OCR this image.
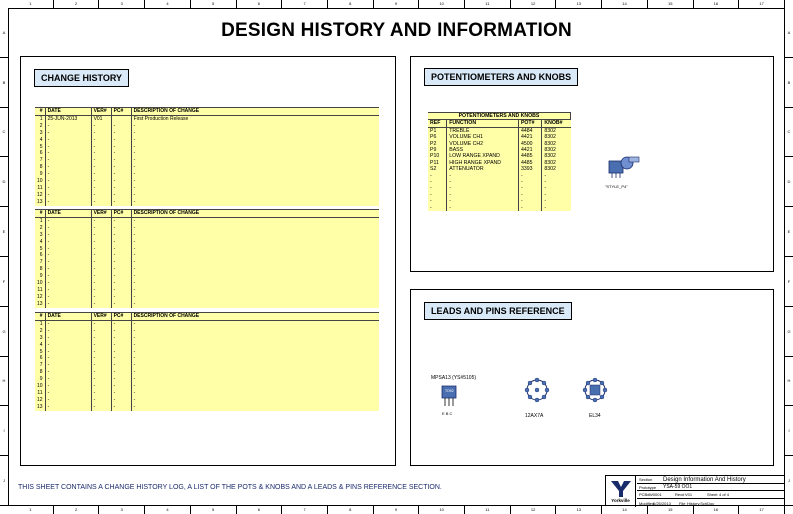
1	2	3	4	5	6	7	8	9	10	11	12	13	14	15	16	17
1	2	3	4	5	6	7	8	9	10	11	12	13	14	15	16	17
A
B
C
D
E
F
G
H
I
J
A
B
C
D
E
F
G
H
I
J
DESIGN HISTORY AND INFORMATION
CHANGE HISTORY
#	DATE	VER#	PC#	DESCRIPTION OF CHANGE
1	25-JUN-2013	V01		First Production Release
2	-	-	-	-
3	-	-	-	-
4	-	-	-	-
5	-	-	-	-
6	-	-	-	-
7	-	-	-	-
8	-	-	-	-
9	-	-	-	-
10	-	-	-	-
11	-	-	-	-
12	-	-	-	-
13	-	-	-	-
#	DATE	VER#	PC#	DESCRIPTION OF CHANGE
1	-	-	-	-
2	-	-	-	-
3	-	-	-	-
4	-	-	-	-
5	-	-	-	-
6	-	-	-	-
7	-	-	-	-
8	-	-	-	-
9	-	-	-	-
10	-	-	-	-
11	-	-	-	-
12	-	-	-	-
13	-	-	-	-
#	DATE	VER#	PC#	DESCRIPTION OF CHANGE
1	-	-	-	-
2	-	-	-	-
3	-	-	-	-
4	-	-	-	-
5	-	-	-	-
6	-	-	-	-
7	-	-	-	-
8	-	-	-	-
9	-	-	-	-
10	-	-	-	-
11	-	-	-	-
12	-	-	-	-
13	-	-	-	-
POTENTIOMETERS AND KNOBS
POTENTIOMETERS AND KNOBS			
REF	FUNCTION	POT#	KNOB#
P1	TREBLE	4484	8302
P6	VOLUME CH1	4421	8302
P2	VOLUME CH2	4500	8302
P9	BASS	4421	8302
P10	LOW RANGE XPAND	4485	8302
P11	HIGH RANGE XPAND	4485	8302
S2	ATTENUATOR	3393	8302
-	-	-	-
-	-	-	-
-	-	-	-
-	-	-	-
-	-	-	-
-	-	-	-
"STYLE_P4"
LEADS AND PINS REFERENCE
MPSA13 (YS#5105)
TO92
E B C	12AX7A	EL34
THIS SHEET CONTAINS A CHANGE HISTORY LOG, A LIST OF THE POTS & KNOBS AND A LEADS & PINS REFERENCE SECTION.
Yorkville
Section	Design Information And History
Prototype	YSA-59 OO1
PCB# W0001	Rev# V01	Sheet 4 of 4
Modified
6/25/2013	File History.SchDoc
